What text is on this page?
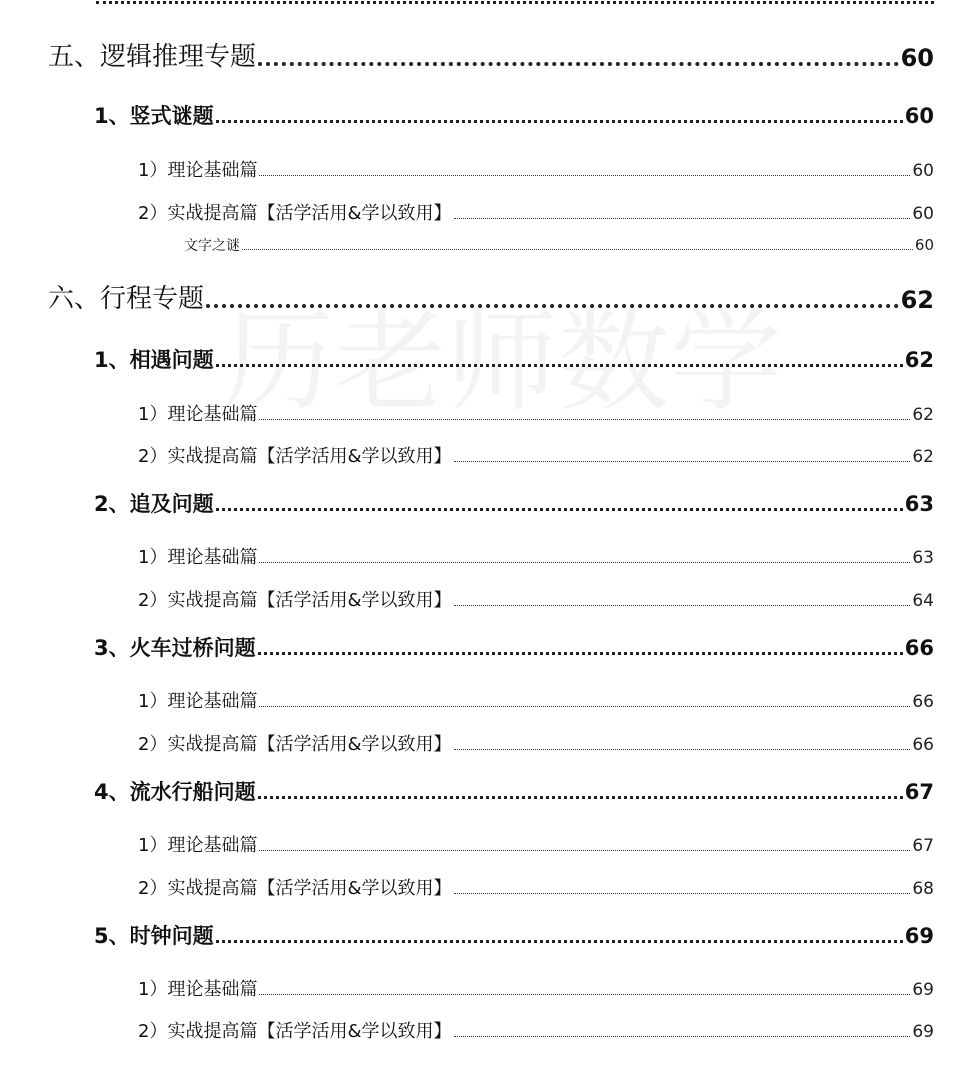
历老师数学
五、逻辑推理专题	60
1、竖式谜题	60
1）理论基础篇	60
2）实战提高篇【活学活用&学以致用】	60
文字之谜	60
六、行程专题	62
1、相遇问题	62
1）理论基础篇	62
2）实战提高篇【活学活用&学以致用】	62
2、追及问题	63
1）理论基础篇	63
2）实战提高篇【活学活用&学以致用】	64
3、火车过桥问题	66
1）理论基础篇	66
2）实战提高篇【活学活用&学以致用】	66
4、流水行船问题	67
1）理论基础篇	67
2）实战提高篇【活学活用&学以致用】	68
5、时钟问题	69
1）理论基础篇	69
2）实战提高篇【活学活用&学以致用】	69
